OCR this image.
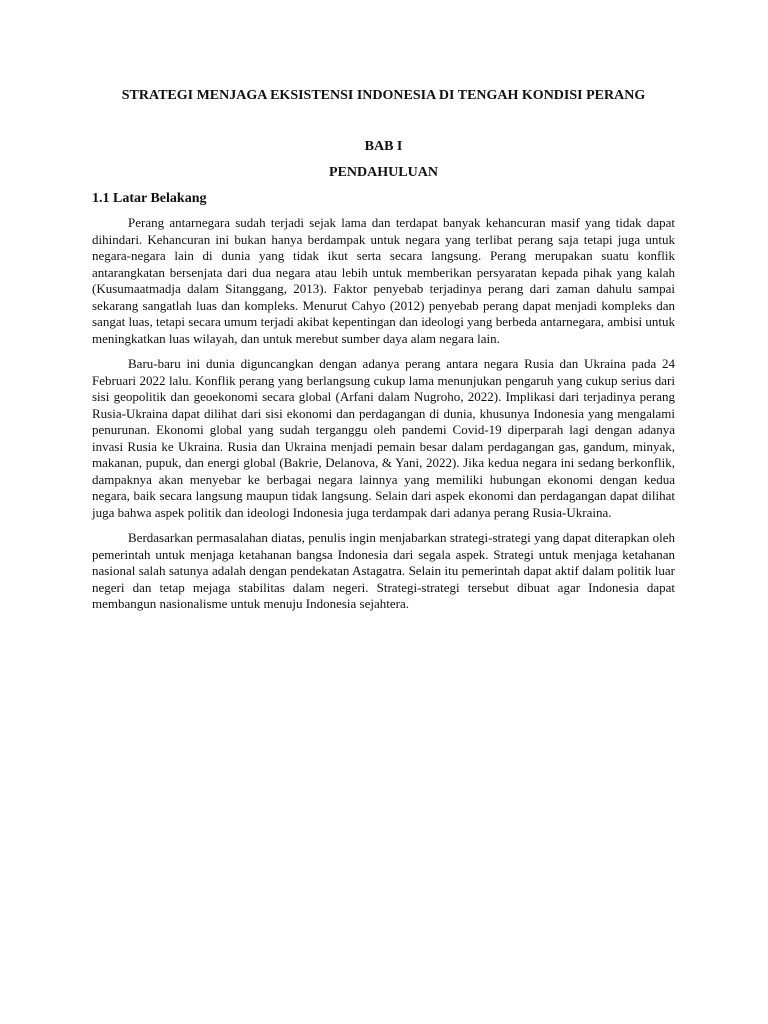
STRATEGI MENJAGA EKSISTENSI INDONESIA DI TENGAH KONDISI PERANG
BAB I
PENDAHULUAN
1.1 Latar Belakang

Perang antarnegara sudah terjadi sejak lama dan terdapat banyak kehancuran masif yang tidak dapat dihindari. Kehancuran ini bukan hanya berdampak untuk negara yang terlibat perang saja tetapi juga untuk negara-negara lain di dunia yang tidak ikut serta secara langsung. Perang merupakan suatu konflik antarangkatan bersenjata dari dua negara atau lebih untuk memberikan persyaratan kepada pihak yang kalah (Kusumaatmadja dalam Sitanggang, 2013). Faktor penyebab terjadinya perang dari zaman dahulu sampai sekarang sangatlah luas dan kompleks. Menurut Cahyo (2012) penyebab perang dapat menjadi kompleks dan sangat luas, tetapi secara umum terjadi akibat kepentingan dan ideologi yang berbeda antarnegara, ambisi untuk meningkatkan luas wilayah, dan untuk merebut sumber daya alam negara lain.

Baru-baru ini dunia diguncangkan dengan adanya perang antara negara Rusia dan Ukraina pada 24 Februari 2022 lalu. Konflik perang yang berlangsung cukup lama menunjukan pengaruh yang cukup serius dari sisi geopolitik dan geoekonomi secara global (Arfani dalam Nugroho, 2022). Implikasi dari terjadinya perang Rusia-Ukraina dapat dilihat dari sisi ekonomi dan perdagangan di dunia, khusunya Indonesia yang mengalami penurunan. Ekonomi global yang sudah terganggu oleh pandemi Covid-19 diperparah lagi dengan adanya invasi Rusia ke Ukraina. Rusia dan Ukraina menjadi pemain besar dalam perdagangan gas, gandum, minyak, makanan, pupuk, dan energi global (Bakrie, Delanova, & Yani, 2022). Jika kedua negara ini sedang berkonflik, dampaknya akan menyebar ke berbagai negara lainnya yang memiliki hubungan ekonomi dengan kedua negara, baik secara langsung maupun tidak langsung. Selain dari aspek ekonomi dan perdagangan dapat dilihat juga bahwa aspek politik dan ideologi Indonesia juga terdampak dari adanya perang Rusia-Ukraina.

Berdasarkan permasalahan diatas, penulis ingin menjabarkan strategi-strategi yang dapat diterapkan oleh pemerintah untuk menjaga ketahanan bangsa Indonesia dari segala aspek. Strategi untuk menjaga ketahanan nasional salah satunya adalah dengan pendekatan Astagatra. Selain itu pemerintah dapat aktif dalam politik luar negeri dan tetap mejaga stabilitas dalam negeri. Strategi-strategi tersebut dibuat agar Indonesia dapat membangun nasionalisme untuk menuju Indonesia sejahtera.
